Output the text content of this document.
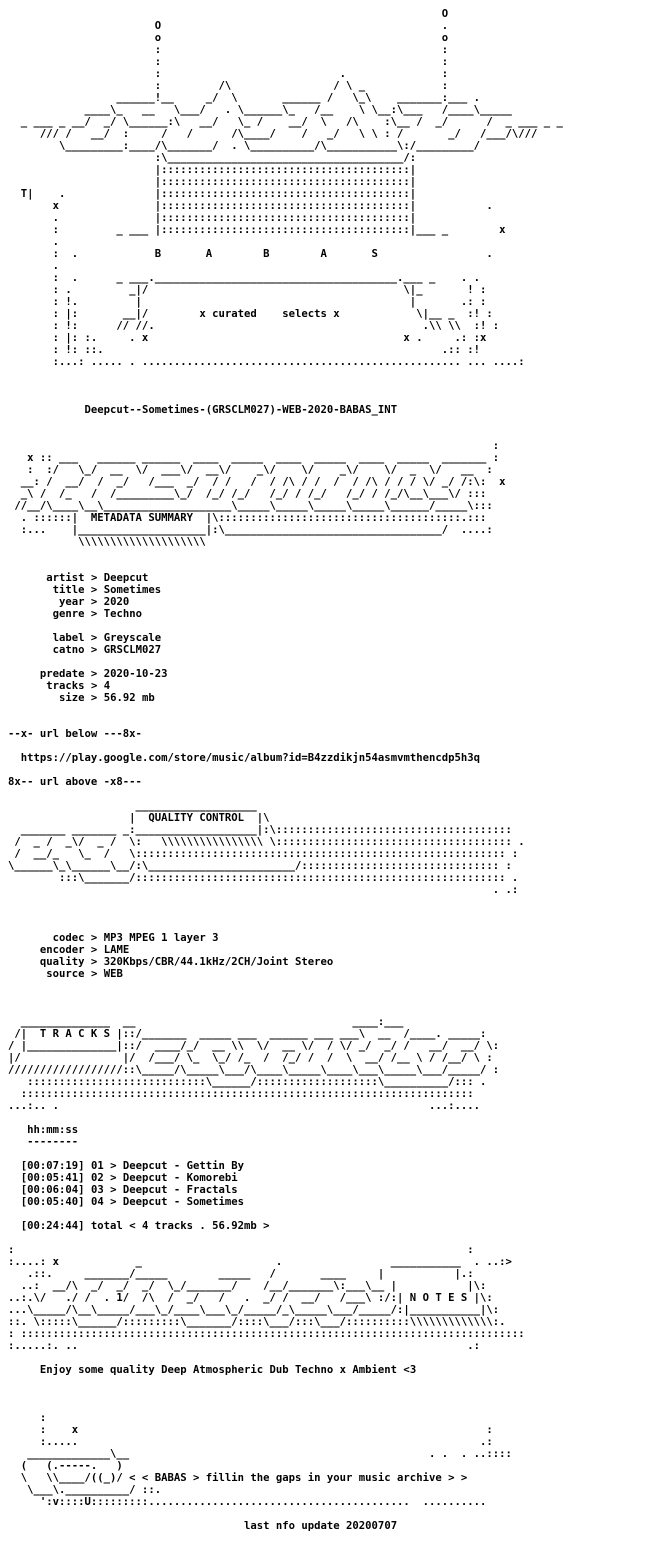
O
O                                            .
o                                            o
:                                            :
:                                            :
:                            .               :
:         /\                / \ _            :
______!__     _/  \       ______ /   \_\    _______:___ .
____\_   __   \___/   . \______\_   /__    \ \__:\___   /____\_____
_ ___ _ __/  _/ \______:\   __/   \_ /    __/  \   /\    :\__ /  _/      /  _ ___ _ _
/// /   __/  :     /   /      /\____/    /   _/   \ \ : /       _/   /___/\///
\_________:____/\_______/  . \__________/\___________\:/_________/
:\_____________________________________/:
|:::::::::::::::::::::::::::::::::::::::|
|:::::::::::::::::::::::::::::::::::::::|
T|    .              |:::::::::::::::::::::::::::::::::::::::|
x               |:::::::::::::::::::::::::::::::::::::::|           .
.               |:::::::::::::::::::::::::::::::::::::::|
:         _ ___ |:::::::::::::::::::::::::::::::::::::::|___ _        x
.
:  .            B       A        B        A       S                 .
.
:  .      _ ___.______________________________________.___ _    . .
: .         _|/                                        \|_       ! :
: !.         |                                          |       .: :
: |:       __|/        x curated    selects x            \|__ _  :! :
: !:      // //.                                          .\\ \\  :! :
: |: :.     . x                                        x .     .: :x
: !: ::.                                                     .:: :!
:...: ..... . .................................................. ... ....:

Deepcut--Sometimes-(GRSCLM027)-WEB-2020-BABAS_INT
:
x :: ___   ______ ______  ____  _____  ____  _____  ____  _____  _______ :
:  :/   \_/  __  \/  ___\/  __\/    _\/    \/    _\/    \/  _  \/   __  :
__: /  __/  /  _/   /___  _/  / /   /  / /\ / /  /  / /\ / / / \/ _/ /:\:  x
_\ /  /_   /  /_________\_/  /_/ /_/   /_/ / /_/   /_/ / /_/\__\___\/ :::
//__/\____\__\____________________\_____\_____\_____\_____\______/_____\:::
. ::::::|  METADATA SUMMARY  |\::::::::::::::::::::::::::::::::::::::.:::
:...    |____________________|:\__________________________________/  ....:
\\\\\\\\\\\\\\\\\\\\
artist > Deepcut
title > Sometimes
year > 2020
genre > Techno
label > Greyscale
catno > GRSCLM027
predate > 2020-10-23
tracks > 4
size > 56.92 mb
--x- url below ---8x-
https://play.google.com/store/music/album?id=B4zzdikjn54asmvmthencdp5h3q
8x-- url above -x8---
___________________
|  QUALITY CONTROL  |\
_______ _______ _:___________________|:\:::::::::::::::::::::::::::::::::::::
/  _ /  _\/  _ /  \:   \\\\\\\\\\\\\\\\ \::::::::::::::::::::::::::::::::::::: .
/  __/_   \_  /   \:::::::::::::::::::::::::::::::::::::::::::::::::::::::::: :
\______\_\______\__/:\_______________________/::::::::::::::::::::::::::::::: :
:::\_______/:::::::::::::::::::::::::::::::::::::::::::::::::::::::::: .
. .:
codec > MP3 MPEG 1 layer 3
encoder > LAME
quality > 320Kbps/CBR/44.1kHz/2CH/Joint Stereo
source > WEB
______________  __                                  ____:___
/|  T R A C K S |::/_______  _____ ___  ______ ___ ___\  __  /____. _____:
/ |______________|::/  ____/_/  __ \\  \/  __ \/  / \/ _/  _/ /   __/  __/ \:
|/                |/  /___/ \_  \_/ /_  /  /_/ /  /  \  __/ /__ \ / /__/ \ :
//////////////////::\_____/\_____\___/\____\_____\____\___\_____\___/_____/ :
::::::::::::::::::::::::::::\______/:::::::::::::::::::\__________/::: .
:::::::::::::::::::::::::::::::::::::::::::::::::::::::::::::::::::::::
...:.. .                                                          ...:....
hh:mm:ss
--------
[00:07:19] 01 > Deepcut - Gettin By
[00:05:41] 02 > Deepcut - Komorebi
[00:06:04] 03 > Deepcut - Fractals
[00:05:40] 04 > Deepcut - Sometimes
[00:24:44] total < 4 tracks . 56.92mb >
:                                                                       :
:....: x            _                     .                 ___________  . ..:>
.::.     _______/_____        _____   /       ____     |           |.:
..:  __/\  _/  _/  _/  \_/_______/    /__/_______\:___\__ |           |\:
..:.\/   ./ /  . 1/  /\  /  _/   /   .  _/ /  __/   /___\ :/:| N O T E S |\:
...\_____/\__\_____/___\_/____\___\_/_____/_\_____\___/_____/:|___________|\:
::. \:::::\______/:::::::::\_______/::::\___/:::\___/::::::::::\\\\\\\\\\\\\:.
: :::::::::::::::::::::::::::::::::::::::::::::::::::::::::::::::::::::::::::::::
:.....:. ..                                                             .:
Enjoy some quality Deep Atmospheric Dub Techno x Ambient <3
:
:    x                                                                :
:.....                                                               .:
_____________\__                                               . .  . ..::::
(   (.-----.   )
\   \\____/((_)/ < < BABAS > fillin the gaps in your music archive > >
\___\.__________/ ::.
':v::::U:::::::::.........................................  ..........
last nfo update 20200707
